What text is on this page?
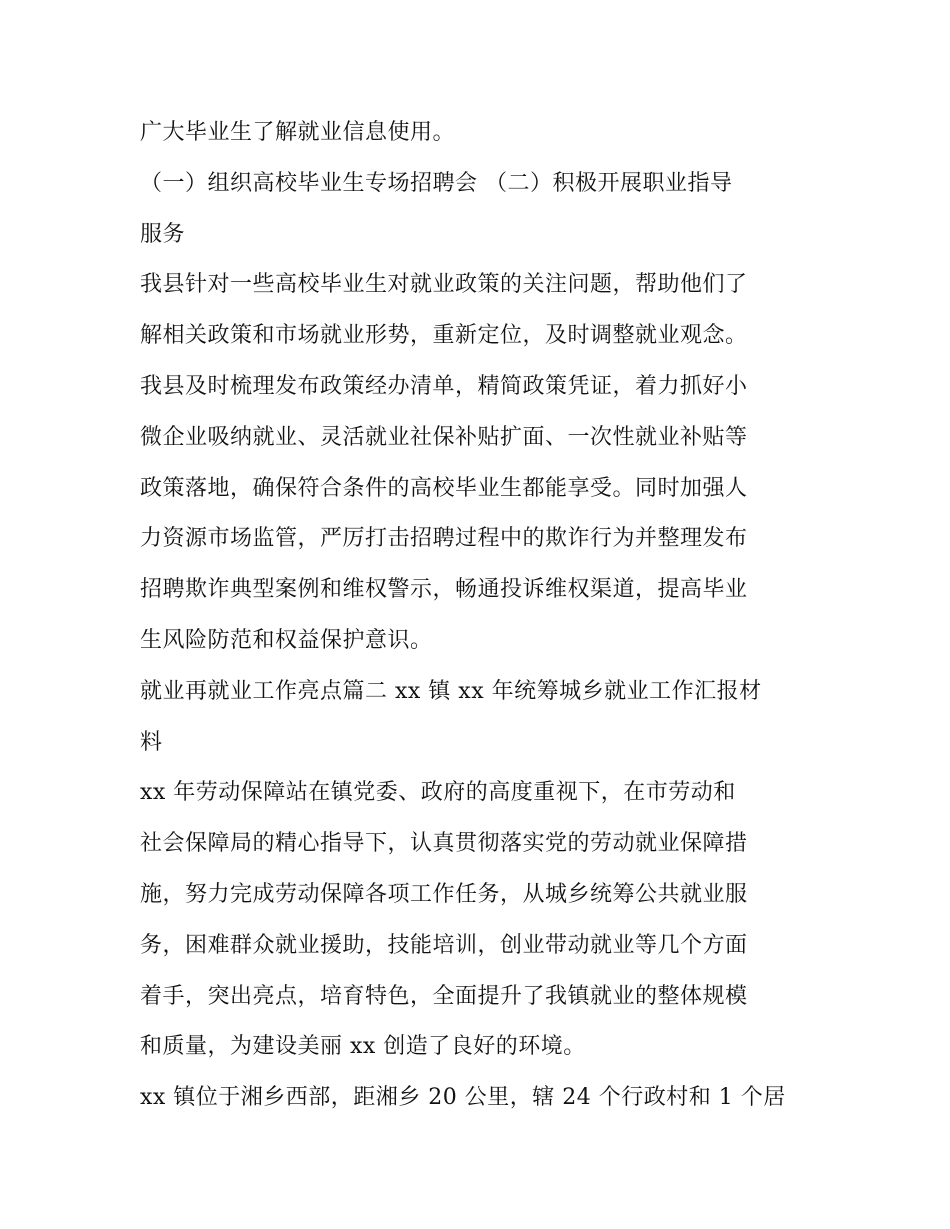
广大毕业生了解就业信息使用。
（一）组织高校毕业生专场招聘会 （二）积极开展职业指导
服务
我县针对一些高校毕业生对就业政策的关注问题，帮助他们了
解相关政策和市场就业形势，重新定位，及时调整就业观念。
我县及时梳理发布政策经办清单，精简政策凭证，着力抓好小
微企业吸纳就业、灵活就业社保补贴扩面、一次性就业补贴等
政策落地，确保符合条件的高校毕业生都能享受。同时加强人
力资源市场监管，严厉打击招聘过程中的欺诈行为并整理发布
招聘欺诈典型案例和维权警示，畅通投诉维权渠道，提高毕业
生风险防范和权益保护意识。
就业再就业工作亮点篇二 xx 镇 xx 年统筹城乡就业工作汇报材
料
xx 年劳动保障站在镇党委、政府的高度重视下，在市劳动和
社会保障局的精心指导下，认真贯彻落实党的劳动就业保障措
施，努力完成劳动保障各项工作任务，从城乡统筹公共就业服
务，困难群众就业援助，技能培训，创业带动就业等几个方面
着手，突出亮点，培育特色，全面提升了我镇就业的整体规模
和质量，为建设美丽 xx 创造了良好的环境。
xx 镇位于湘乡西部，距湘乡 20 公里，辖 24 个行政村和 1 个居
